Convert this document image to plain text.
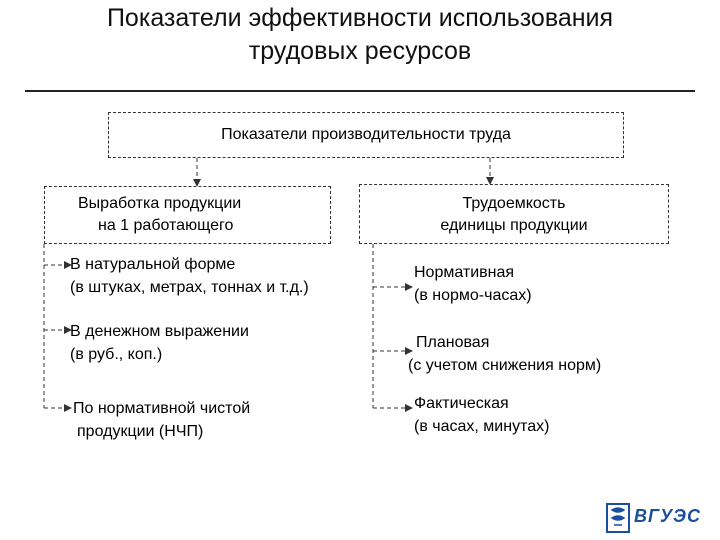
Показатели эффективности использования
трудовых ресурсов
Показатели производительности труда
Выработка продукции
на 1 работающего
Трудоемкость
единицы продукции
В натуральной форме
(в штуках, метрах, тоннах и т.д.)
В денежном выражении
(в руб., коп.)
По нормативной чистой
продукции (НЧП)
Нормативная
(в нормо-часах)
Плановая
(с учетом снижения норм)
Фактическая
(в часах, минутах)
ВГУЭС
